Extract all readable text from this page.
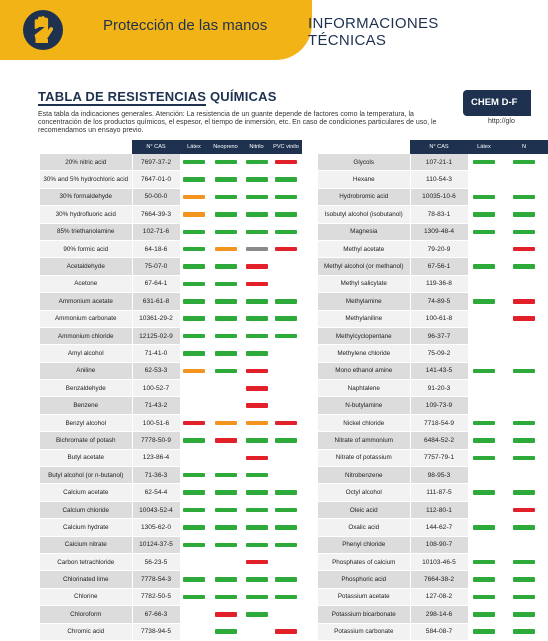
Protección de las manos	INFORMACIONES TÉCNICAS
TABLA DE RESISTENCIAS QUÍMICAS
Esta tabla da indicaciones generales. Atención: La resistencia de un guante depende de factores como la temperatura, la concentración de los productos químicos, el espesor, el tiempo de inmersión, etc. En caso de condiciones particulares de uso, le recomendamos un ensayo previo.
CHEM D-F
http://glo
	N° CAS	Látex	Neopreno	Nitrilo	PVC vinilo
20% nitric acid	7697-37-2	

30% and 5% hydrochloric acid	7647-01-0	

30% formaldehyde	50-00-0	

30% hydrofluoric acid	7664-39-3	

85% triethanolamine	102-71-6	

90% formic acid	64-18-6	

Acetaldehyde	75-07-0	

Acetone	67-64-1	

Ammonium acetate	631-61-8	

Ammonium carbonate	10361-29-2	

Ammonium chloride	12125-02-9	

Amyl alcohol	71-41-0	

Aniline	62-53-3	

Benzaldehyde	100-52-7			

Benzene	71-43-2			

Benzyl alcohol	100-51-6	

Bichromate of potash	7778-50-9	

Butyl acetate	123-86-4			

Butyl alcohol (or n-butanol)	71-36-3	

Calcium acetate	62-54-4	

Calcium chloride	10043-52-4	

Calcium hydrate	1305-62-0	

Calcium nitrate	10124-37-5	

Carbon tetrachloride	56-23-5			

Chlorinated lime	7778-54-3	

Chlorine	7782-50-5	

Chloroform	67-66-3		

Chromic acid	7738-94-5		

	N° CAS	Látex	N
Glycols	107-21-1	

Hexane	110-54-3		
Hydrobromic acid	10035-10-6	

Isobutyl alcohol (isobutanol)	78-83-1	

Magnesia	1309-48-4	

Methyl acetate	79-20-9		

Methyl alcohol (or methanol)	67-56-1	

Methyl salicylate	119-36-8		
Methylamine	74-89-5	

Methylaniline	100-61-8		

Methylcyclopentane	96-37-7		
Methylene chloride	75-09-2		
Mono ethanol amine	141-43-5	

Naphtalene	91-20-3		
N-butylamine	109-73-9		
Nickel chloride	7718-54-9	

Nitrate of ammonium	6484-52-2	

Nitrate of potassium	7757-79-1	

Nitrobenzene	98-95-3		
Octyl alcohol	111-87-5	

Oleic acid	112-80-1		

Oxalic acid	144-62-7	

Phenyl chloride	108-90-7		
Phosphates of calcium	10103-46-5	

Phosphoric acid	7664-38-2	

Potassium acetate	127-08-2	

Potassium bicarbonate	298-14-6	

Potassium carbonate	584-08-7	
